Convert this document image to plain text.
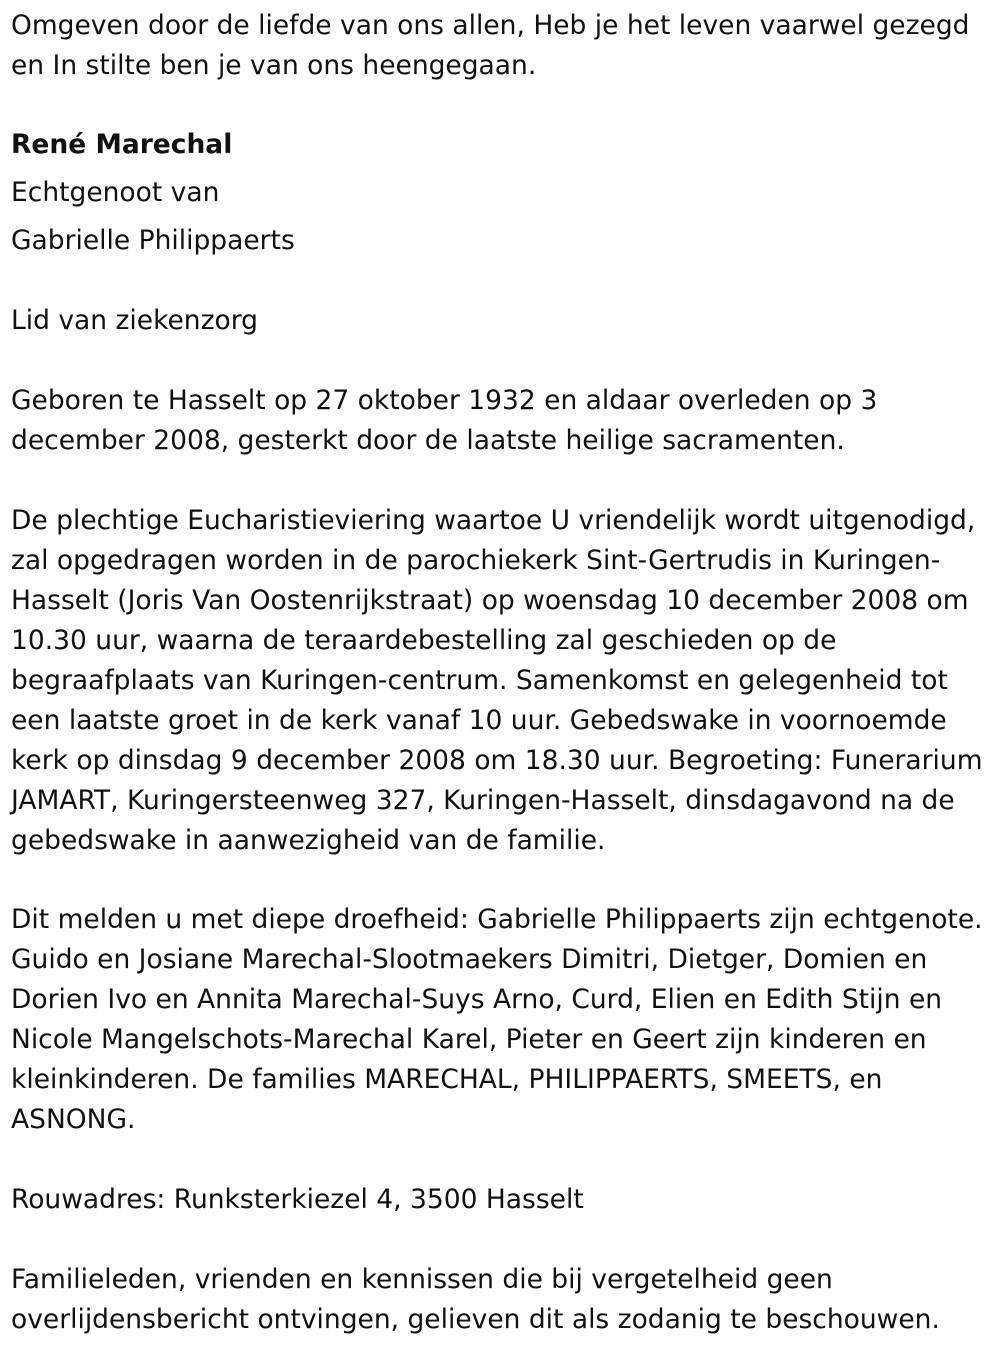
Omgeven door de liefde van ons allen, Heb je het leven vaarwel gezegd en In stilte ben je van ons heengegaan.

René Marechal

Echtgenoot van

Gabrielle Philippaerts

Lid van ziekenzorg

Geboren te Hasselt op 27 oktober 1932 en aldaar overleden op 3 december 2008, gesterkt door de laatste heilige sacramenten.

De plechtige Eucharistieviering waartoe U vriendelijk wordt uitgenodigd, zal opgedragen worden in de parochiekerk Sint-Gertrudis in Kuringen-Hasselt (Joris Van Oostenrijkstraat) op woensdag 10 december 2008 om 10.30 uur, waarna de teraardebestelling zal geschieden op de begraafplaats van Kuringen-centrum. Samenkomst en gelegenheid tot een laatste groet in de kerk vanaf 10 uur. Gebedswake in voornoemde kerk op dinsdag 9 december 2008 om 18.30 uur. Begroeting: Funerarium JAMART, Kuringersteenweg 327, Kuringen-Hasselt, dinsdagavond na de gebedswake in aanwezigheid van de familie.

Dit melden u met diepe droefheid: Gabrielle Philippaerts zijn echtgenote. Guido en Josiane Marechal-Slootmaekers Dimitri, Dietger, Domien en Dorien Ivo en Annita Marechal-Suys Arno, Curd, Elien en Edith Stijn en Nicole Mangelschots-Marechal Karel, Pieter en Geert zijn kinderen en kleinkinderen. De families MARECHAL, PHILIPPAERTS, SMEETS, en ASNONG.

Rouwadres: Runksterkiezel 4, 3500 Hasselt

Familieleden, vrienden en kennissen die bij vergetelheid geen overlijdensbericht ontvingen, gelieven dit als zodanig te beschouwen.
